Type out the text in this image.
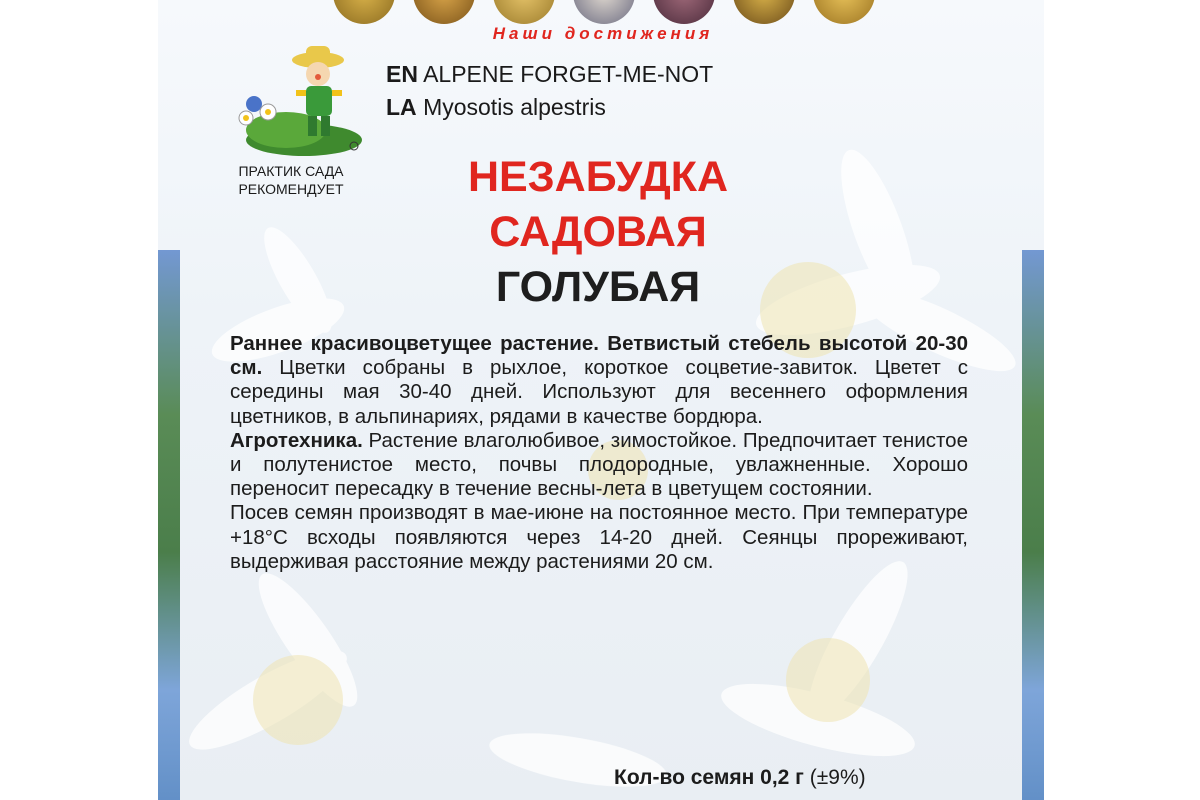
Наши достижения
ПРАКТИК САДА
РЕКОМЕНДУЕТ
EN ALPENE FORGET-ME-NOT
LA Myosotis alpestris
НЕЗАБУДКА
САДОВАЯ
ГОЛУБАЯ

Раннее красивоцветущее растение. Ветвистый стебель высотой 20-30 см. Цветки собраны в рыхлое, короткое соцветие-завиток. Цветет с середины мая 30-40 дней. Используют для весеннего оформления цветников, в альпинариях, рядами в качестве бордюра.

Агротехника. Растение влаголюбивое, зимостойкое. Предпочитает тенистое и полутенистое место, почвы плодородные, увлажненные. Хорошо переносит пересадку в течение весны-лета в цветущем состоянии.

Посев семян производят в мае-июне на постоянное место. При температуре +18°С всходы появляются через 14-20 дней. Сеянцы прореживают, выдерживая расстояние между растениями 20 см.

Кол-во семян 0,2 г (±9%)
